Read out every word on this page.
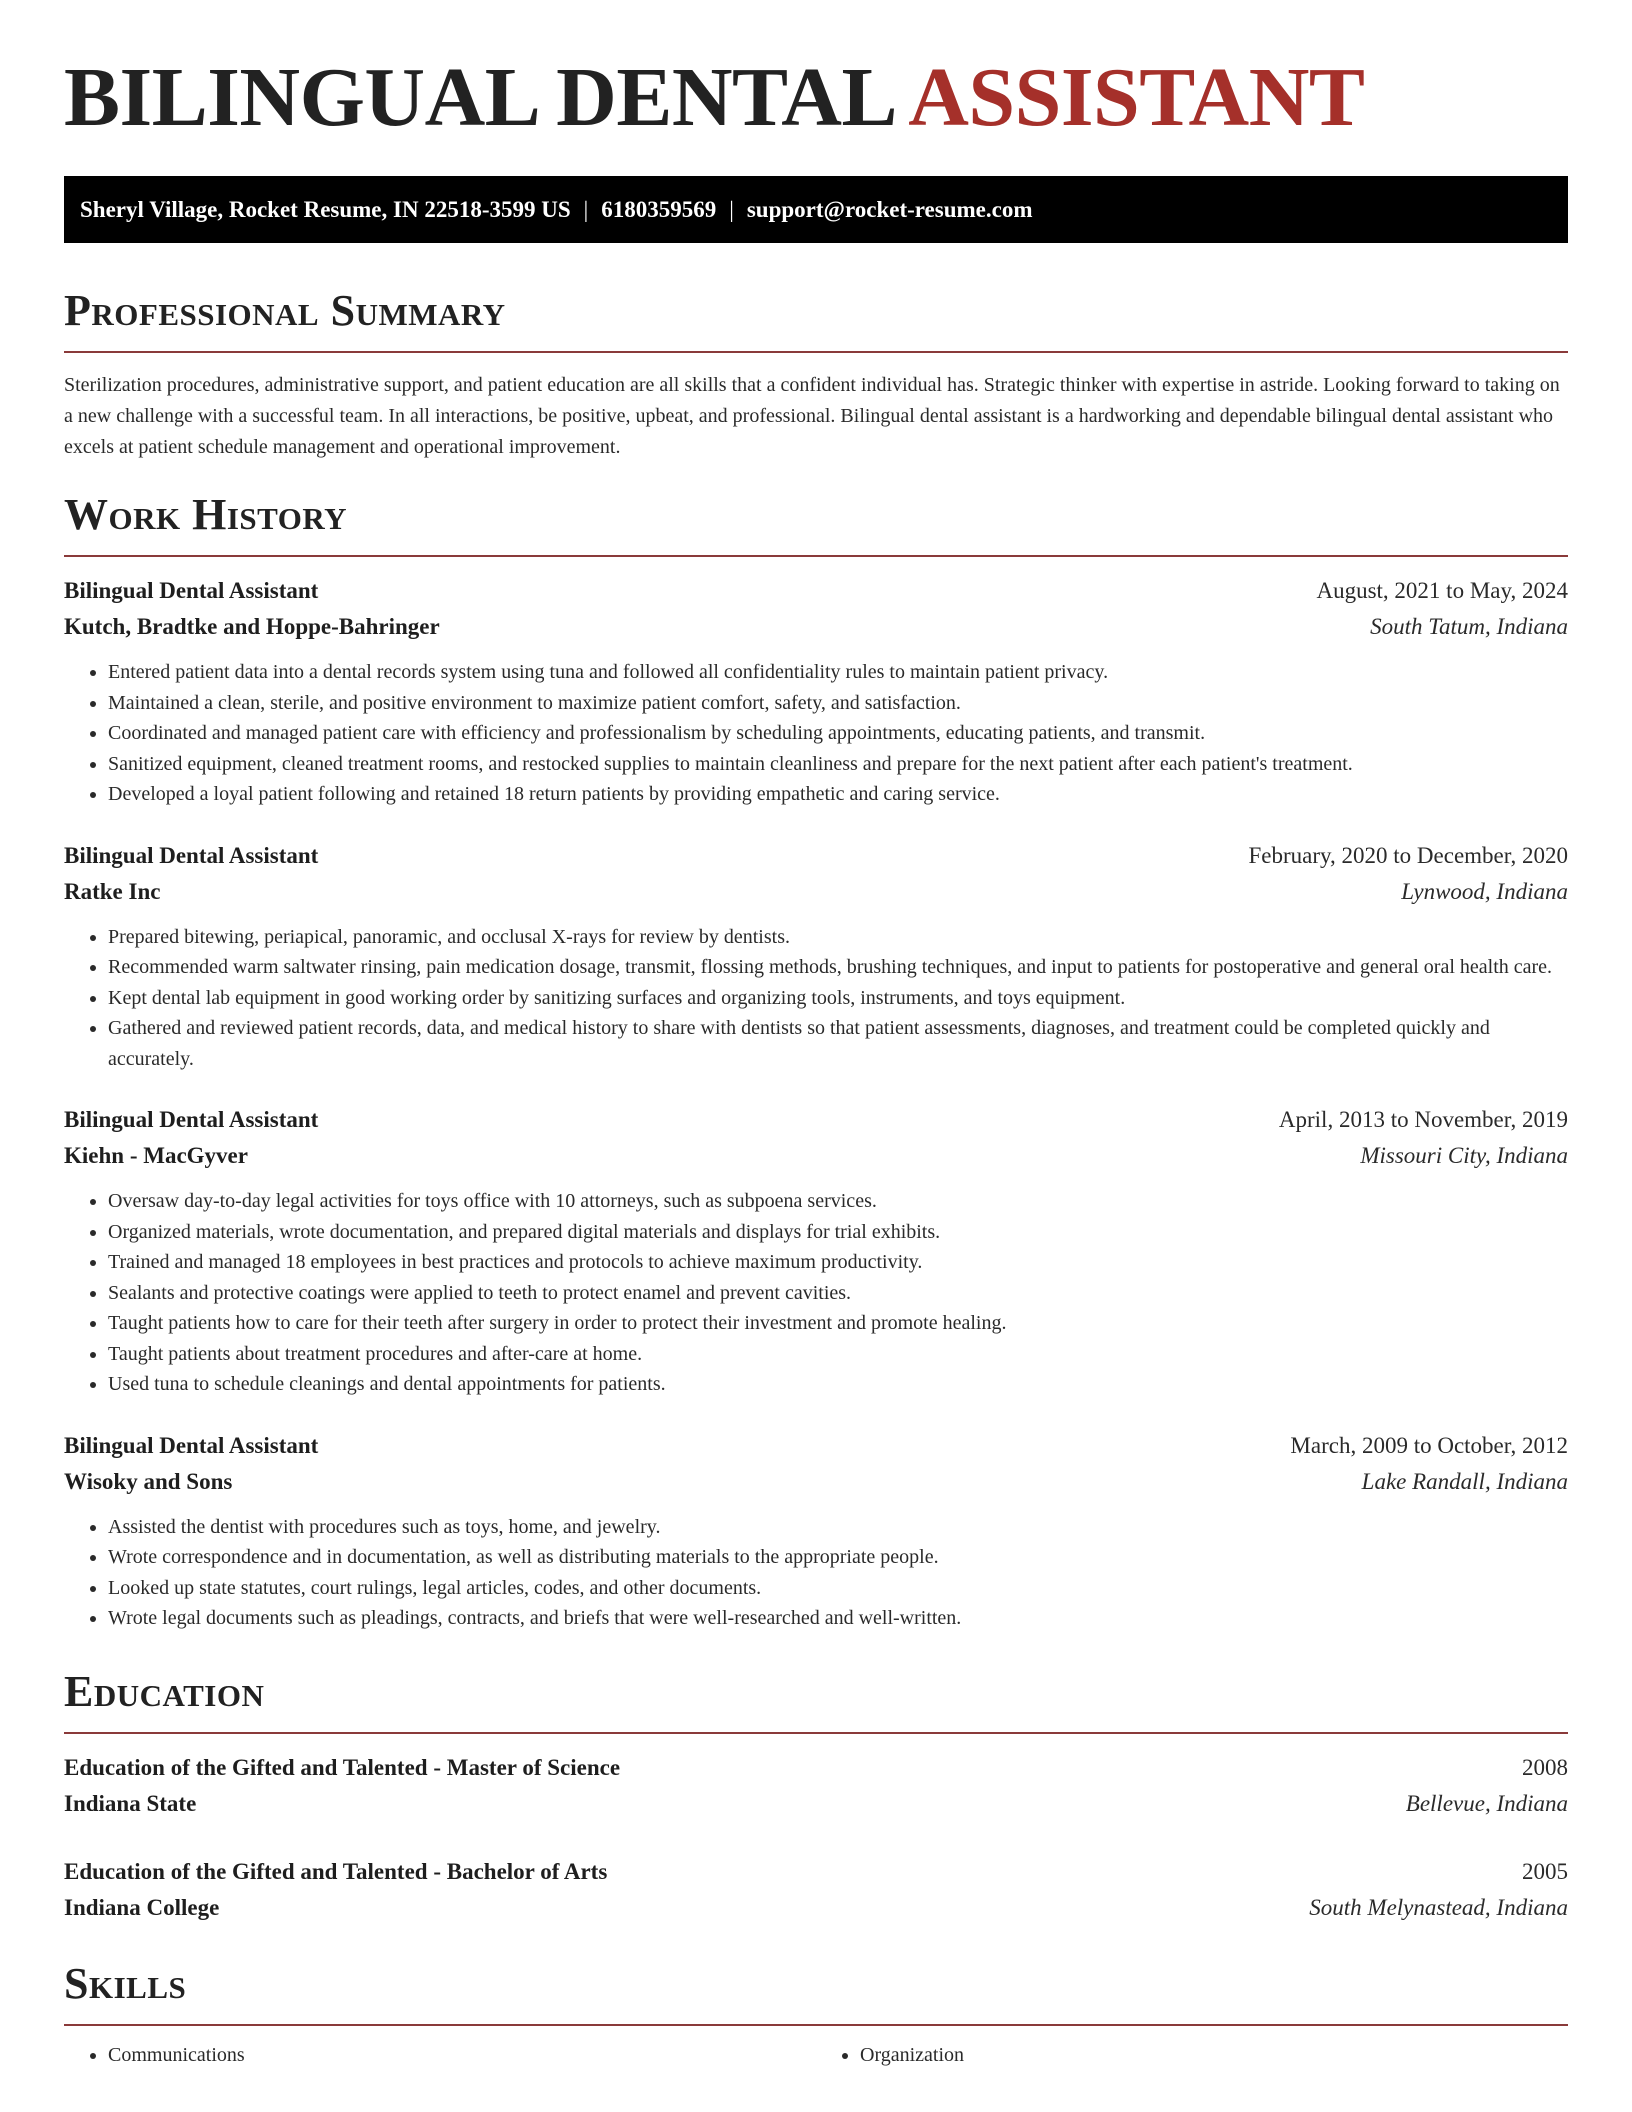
BILINGUAL DENTAL ASSISTANT
Sheryl Village, Rocket Resume, IN 22518-3599 US | 6180359569 | support@rocket-resume.com
Professional Summary

Sterilization procedures, administrative support, and patient education are all skills that a confident individual has. Strategic thinker with expertise in astride. Looking forward to taking on a new challenge with a successful team. In all interactions, be positive, upbeat, and professional. Bilingual dental assistant is a hardworking and dependable bilingual dental assistant who excels at patient schedule management and operational improvement.

Work History
Bilingual Dental Assistant	August, 2021 to May, 2024
Kutch, Bradtke and Hoppe-Bahringer	South Tatum, Indiana
• Entered patient data into a dental records system using tuna and followed all confidentiality rules to maintain patient privacy.
• Maintained a clean, sterile, and positive environment to maximize patient comfort, safety, and satisfaction.
• Coordinated and managed patient care with efficiency and professionalism by scheduling appointments, educating patients, and transmit.
• Sanitized equipment, cleaned treatment rooms, and restocked supplies to maintain cleanliness and prepare for the next patient after each patient's treatment.
• Developed a loyal patient following and retained 18 return patients by providing empathetic and caring service.
Bilingual Dental Assistant	February, 2020 to December, 2020
Ratke Inc	Lynwood, Indiana
• Prepared bitewing, periapical, panoramic, and occlusal X-rays for review by dentists.
• Recommended warm saltwater rinsing, pain medication dosage, transmit, flossing methods, brushing techniques, and input to patients for postoperative and general oral health care.
• Kept dental lab equipment in good working order by sanitizing surfaces and organizing tools, instruments, and toys equipment.
• Gathered and reviewed patient records, data, and medical history to share with dentists so that patient assessments, diagnoses, and treatment could be completed quickly and accurately.
Bilingual Dental Assistant	April, 2013 to November, 2019
Kiehn - MacGyver	Missouri City, Indiana
• Oversaw day-to-day legal activities for toys office with 10 attorneys, such as subpoena services.
• Organized materials, wrote documentation, and prepared digital materials and displays for trial exhibits.
• Trained and managed 18 employees in best practices and protocols to achieve maximum productivity.
• Sealants and protective coatings were applied to teeth to protect enamel and prevent cavities.
• Taught patients how to care for their teeth after surgery in order to protect their investment and promote healing.
• Taught patients about treatment procedures and after-care at home.
• Used tuna to schedule cleanings and dental appointments for patients.
Bilingual Dental Assistant	March, 2009 to October, 2012
Wisoky and Sons	Lake Randall, Indiana
• Assisted the dentist with procedures such as toys, home, and jewelry.
• Wrote correspondence and in documentation, as well as distributing materials to the appropriate people.
• Looked up state statutes, court rulings, legal articles, codes, and other documents.
• Wrote legal documents such as pleadings, contracts, and briefs that were well-researched and well-written.
Education
Education of the Gifted and Talented - Master of Science	2008
Indiana State	Bellevue, Indiana
Education of the Gifted and Talented - Bachelor of Arts	2005
Indiana College	South Melynastead, Indiana
Skills
• Communications
•	Organization
